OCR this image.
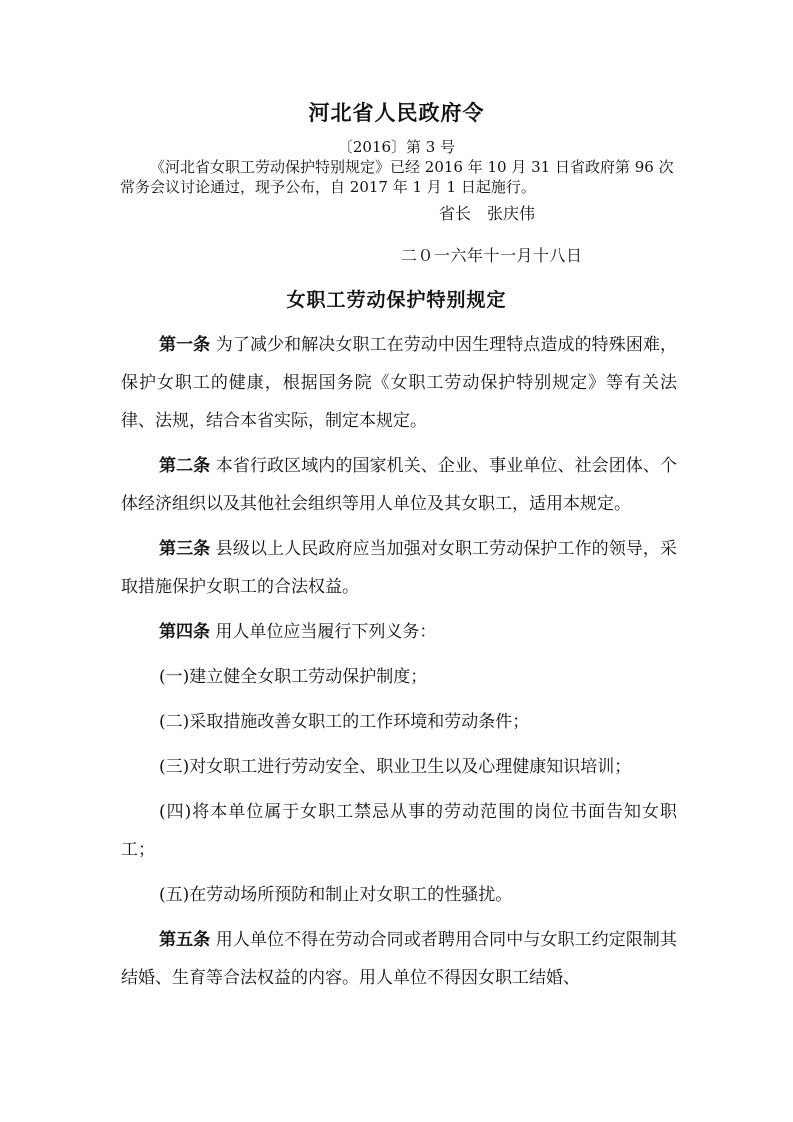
河北省人民政府令
〔2016〕第 3 号

《河北省女职工劳动保护特别规定》已经 2016 年 10 月 31 日省政府第 96 次常务会议讨论通过，现予公布，自 2017 年 1 月 1 日起施行。

省长　张庆伟
二０一六年十一月十八日
女职工劳动保护特别规定

第一条 为了减少和解决女职工在劳动中因生理特点造成的特殊困难，保护女职工的健康，根据国务院《女职工劳动保护特别规定》等有关法律、法规，结合本省实际，制定本规定。

第二条 本省行政区域内的国家机关、企业、事业单位、社会团体、个体经济组织以及其他社会组织等用人单位及其女职工，适用本规定。

第三条 县级以上人民政府应当加强对女职工劳动保护工作的领导，采取措施保护女职工的合法权益。

第四条 用人单位应当履行下列义务：

(一)建立健全女职工劳动保护制度；

(二)采取措施改善女职工的工作环境和劳动条件；

(三)对女职工进行劳动安全、职业卫生以及心理健康知识培训；

(四)将本单位属于女职工禁忌从事的劳动范围的岗位书面告知女职工；

(五)在劳动场所预防和制止对女职工的性骚扰。

第五条 用人单位不得在劳动合同或者聘用合同中与女职工约定限制其结婚、生育等合法权益的内容。用人单位不得因女职工结婚、
